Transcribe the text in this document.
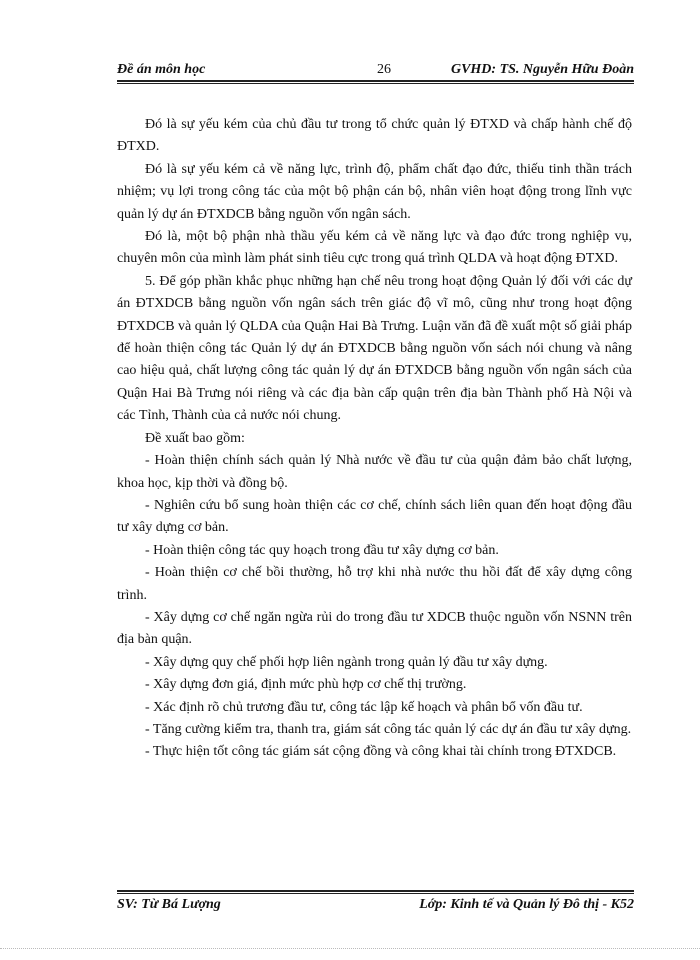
Đề án môn học	26	GVHD: TS. Nguyễn Hữu Đoàn

Đó là sự yếu kém của chủ đầu tư trong tổ chức quản lý ĐTXD và chấp hành chế độ ĐTXD.

Đó là sự yếu kém cả về năng lực, trình độ, phẩm chất đạo đức, thiếu tinh thần trách nhiệm; vụ lợi trong công tác của một bộ phận cán bộ, nhân viên hoạt động trong lĩnh vực quản lý dự án ĐTXDCB bằng nguồn vốn ngân sách.

Đó là, một bộ phận nhà thầu yếu kém cả về năng lực và đạo đức trong nghiệp vụ, chuyên môn của mình làm phát sinh tiêu cực trong quá trình QLDA và hoạt động ĐTXD.

5. Để góp phần khắc phục những hạn chế nêu trong hoạt động Quản lý đối với các dự án ĐTXDCB bằng nguồn vốn ngân sách trên giác độ vĩ mô, cũng như trong hoạt động ĐTXDCB và quản lý QLDA của Quận Hai Bà Trưng. Luận văn đã đề xuất một số giải pháp để hoàn thiện công tác Quản lý dự án ĐTXDCB bằng nguồn vốn sách nói chung và nâng cao hiệu quả, chất lượng công tác quản lý dự án ĐTXDCB bằng nguồn vốn ngân sách của Quận Hai Bà Trưng nói riêng và các địa bàn cấp quận trên địa bàn Thành phố Hà Nội và các Tỉnh, Thành của cả nước nói chung.

Đề xuất bao gồm:

- Hoàn thiện chính sách quản lý Nhà nước về đầu tư của quận đảm bảo chất lượng, khoa học, kịp thời và đồng bộ.

- Nghiên cứu bổ sung hoàn thiện các cơ chế, chính sách liên quan đến hoạt động đầu tư xây dựng cơ bản.

- Hoàn thiện công tác quy hoạch trong đầu tư xây dựng cơ bản.

- Hoàn thiện cơ chế bồi thường, hỗ trợ khi nhà nước thu hồi đất để xây dựng công trình.

- Xây dựng cơ chế ngăn ngừa rủi do trong đầu tư XDCB thuộc nguồn vốn NSNN trên địa bàn quận.

- Xây dựng quy chế phối hợp liên ngành trong quản lý đầu tư xây dựng.

- Xây dựng đơn giá, định mức phù hợp cơ chế thị trường.

- Xác định rõ chủ trương đầu tư, công tác lập kế hoạch và phân bổ vốn đầu tư.

- Tăng cường kiểm tra, thanh tra, giám sát công tác quản lý các dự án đầu tư xây dựng.

- Thực hiện tốt công tác giám sát cộng đồng và công khai tài chính trong ĐTXDCB.

SV: Từ Bá Lượng	Lớp: Kinh tế và Quản lý Đô thị - K52
